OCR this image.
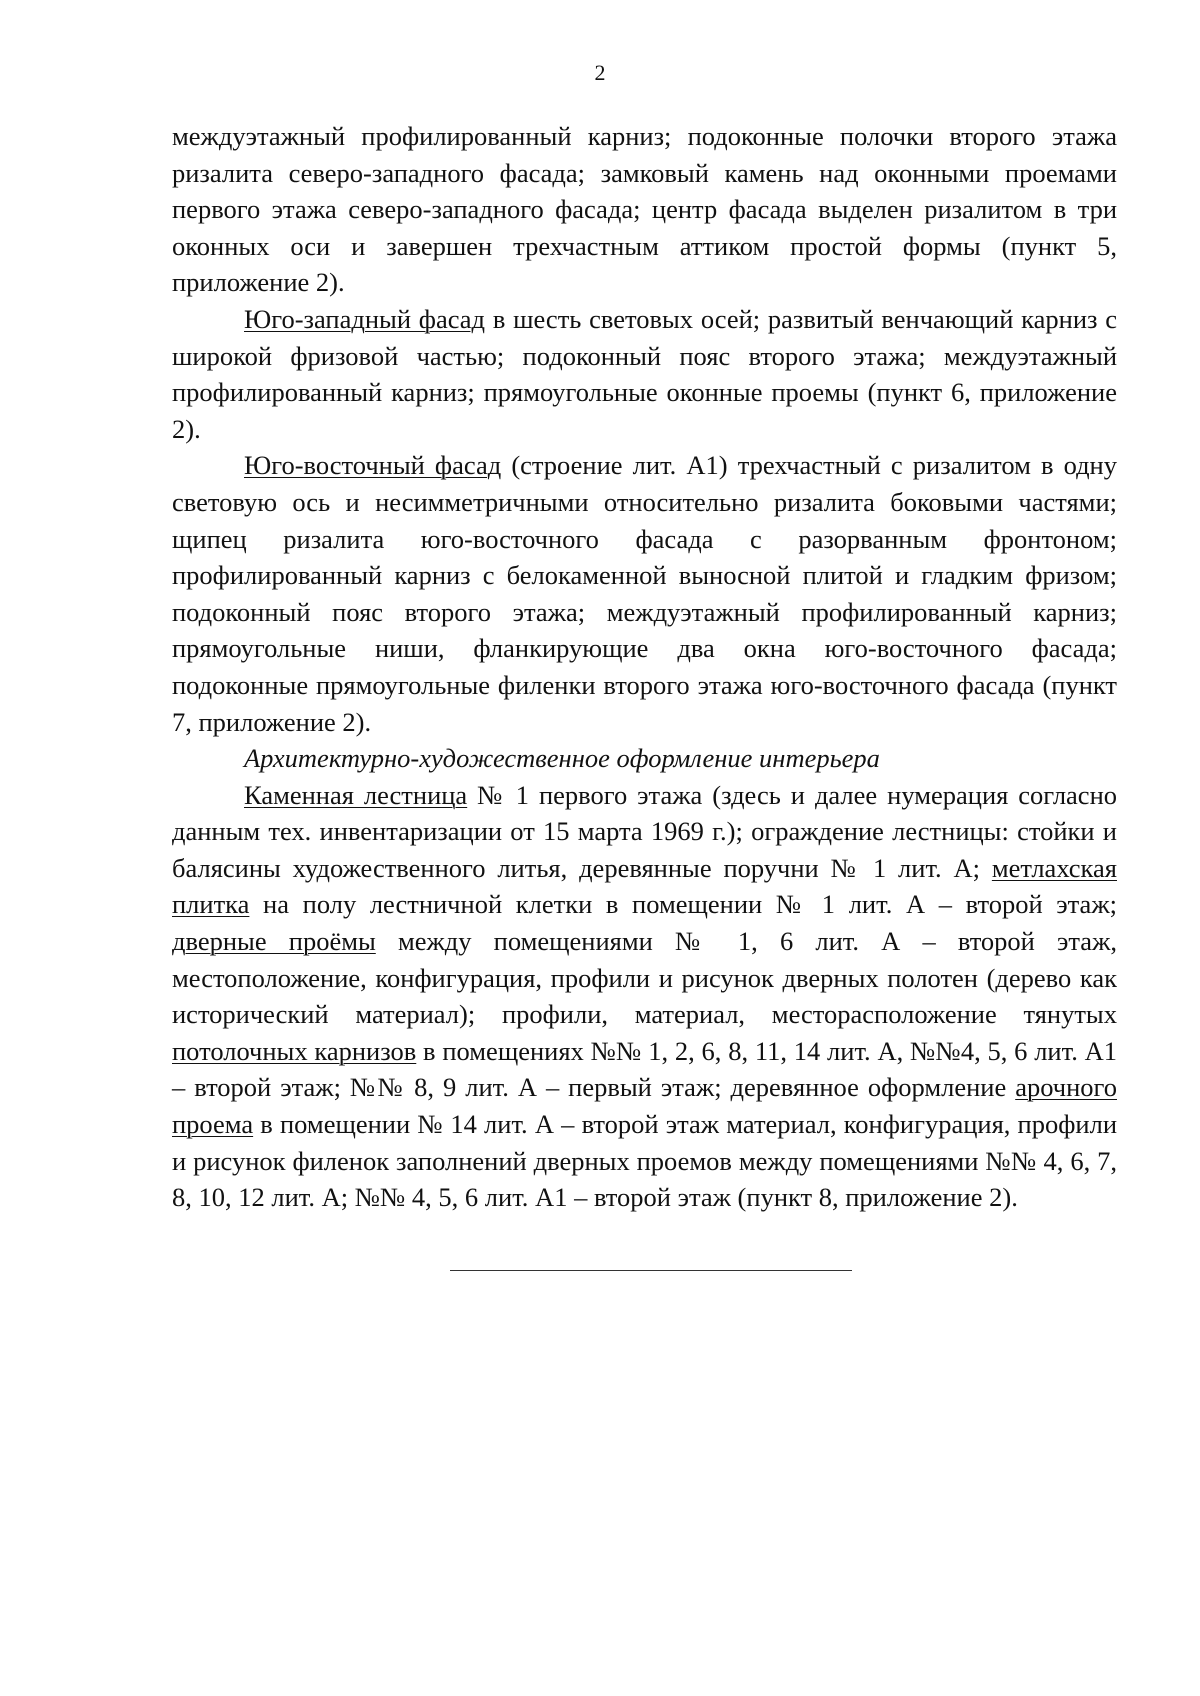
2

междуэтажный профилированный карниз; подоконные полочки второго этажа ризалита северо-западного фасада; замковый камень над оконными проемами первого этажа северо-западного фасада; центр фасада выделен ризалитом в три оконных оси и завершен трехчастным аттиком простой формы (пункт 5, приложение 2).

Юго-западный фасад в шесть световых осей; развитый венчающий карниз с широкой фризовой частью; подоконный пояс второго этажа; междуэтажный профилированный карниз; прямоугольные оконные проемы (пункт 6, приложение 2).

Юго-восточный фасад (строение лит. А1) трехчастный с ризалитом в одну световую ось и несимметричными относительно ризалита боковыми частями; щипец ризалита юго-восточного фасада с разорванным фронтоном; профилированный карниз с белокаменной выносной плитой и гладким фризом; подоконный пояс второго этажа; междуэтажный профилированный карниз; прямоугольные ниши, фланкирующие два окна юго-восточного фасада; подоконные прямоугольные филенки второго этажа юго-восточного фасада (пункт 7, приложение 2).

Архитектурно-художественное оформление интерьера

Каменная лестница № 1 первого этажа (здесь и далее нумерация согласно данным тех. инвентаризации от 15 марта 1969 г.); ограждение лестницы: стойки и балясины художественного литья, деревянные поручни № 1 лит. А; метлахская плитка на полу лестничной клетки в помещении № 1 лит. А – второй этаж; дверные проёмы между помещениями № 1, 6 лит. А – второй этаж, местоположение, конфигурация, профили и рисунок дверных полотен (дерево как исторический материал); профили, материал, месторасположение тянутых потолочных карнизов в помещениях №№ 1, 2, 6, 8, 11, 14 лит. А, №№4, 5, 6 лит. А1 – второй этаж; №№ 8, 9 лит. А – первый этаж; деревянное оформление арочного проема в помещении № 14 лит. А – второй этаж материал, конфигурация, профили и рисунок филенок заполнений дверных проемов между помещениями №№ 4, 6, 7, 8, 10, 12 лит. А; №№ 4, 5, 6 лит. А1 – второй этаж (пункт 8, приложение 2).
